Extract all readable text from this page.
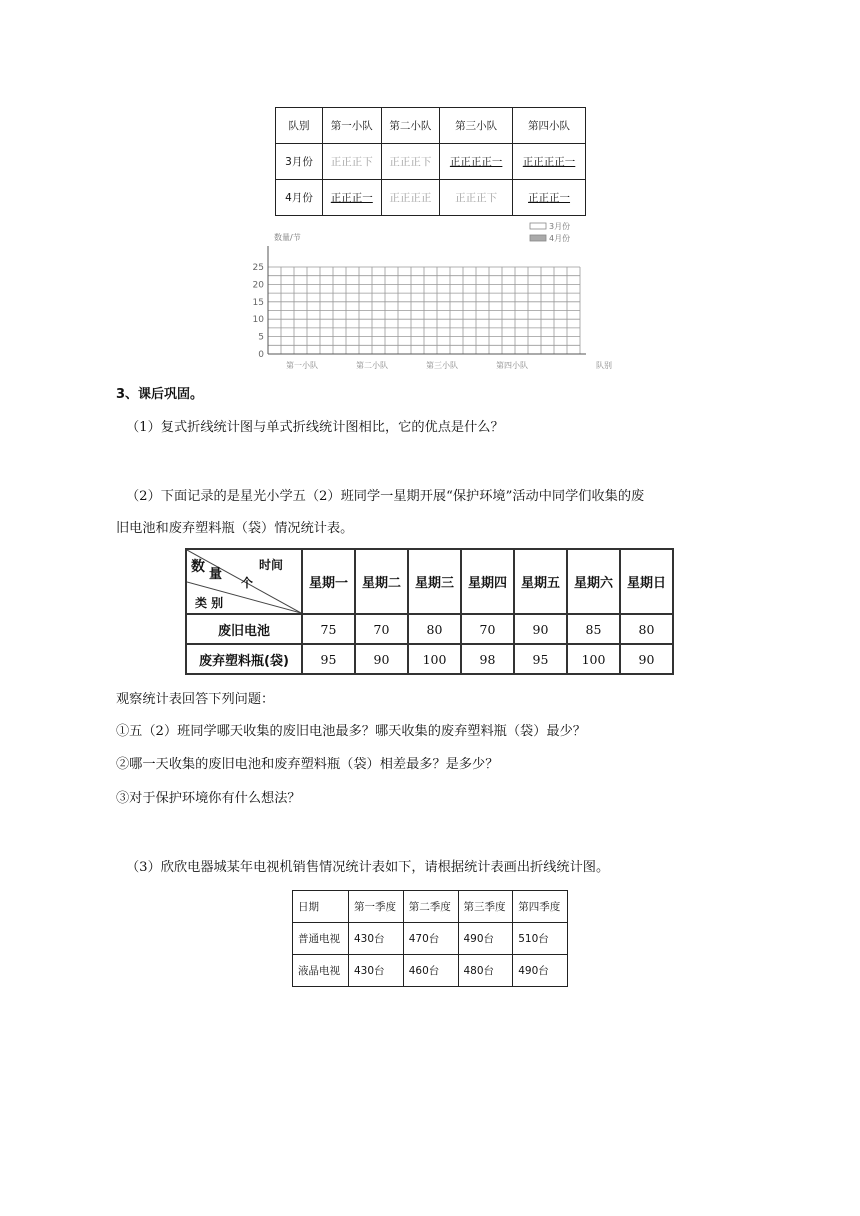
队别	第一小队	第二小队	第三小队	第四小队
3月份	正正正下	正正正下	正正正正一	正正正正一
4月份	正正正一	正正正正	正正正下	正正正一
0
5
10
15
20
25
第一小队	第二小队	第三小队	第四小队
数量/节
队别
3月份
4月份
3、课后巩固。
（1）复式折线统计图与单式折线统计图相比，它的优点是什么？
（2）下面记录的是星光小学五（2）班同学一星期开展“保护环境”活动中同学们收集的废
旧电池和废弃塑料瓶（袋）情况统计表。
数 量
个
时间
类 别	星期一	星期二	星期三	星期四	星期五	星期六	星期日
废旧电池	75	70	80	70	90	85	80
废弃塑料瓶(袋)	95	90	100	98	95	100	90
观察统计表回答下列问题：
①五（2）班同学哪天收集的废旧电池最多？哪天收集的废弃塑料瓶（袋）最少？
②哪一天收集的废旧电池和废弃塑料瓶（袋）相差最多？是多少？
③对于保护环境你有什么想法？
（3）欣欣电器城某年电视机销售情况统计表如下，请根据统计表画出折线统计图。
日期	第一季度	第二季度	第三季度	第四季度
普通电视	430台	470台	490台	510台
液晶电视	430台	460台	480台	490台
